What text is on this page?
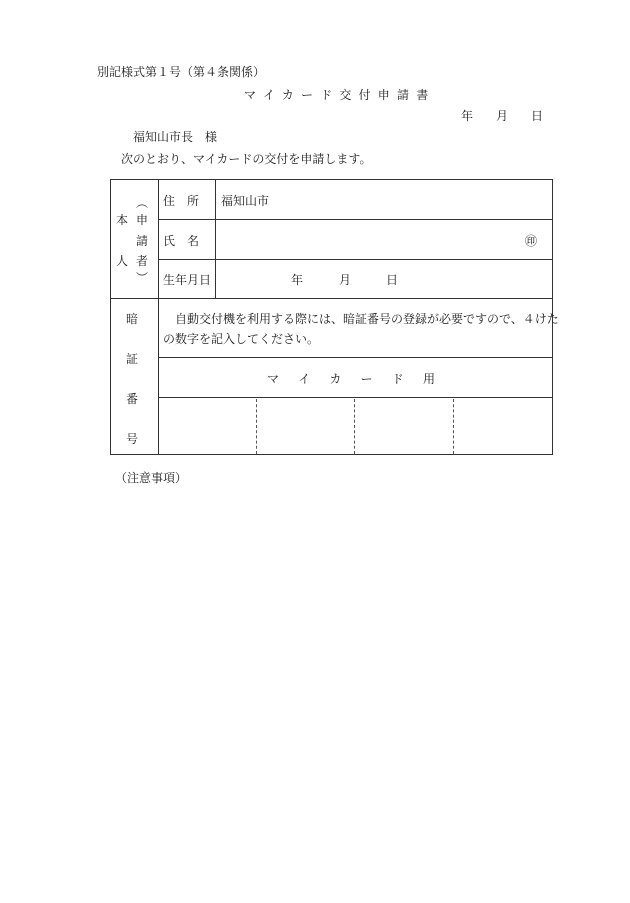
別記様式第１号（第４条関係）
マイカード交付申請書
年 月 日
福知山市長　様
次のとおり、マイカードの交付を申請します。
︵
本 申
請
人 者
︶
住　所 福知山市
氏　名	㊞
生年月日	年	月	日
暗
証
番
号
自動交付機を利用する際には、暗証番号の登録が必要ですので、４けた
の数字を記入してください。
マ　イ　カ　ー　ド　用
（注意事項）
